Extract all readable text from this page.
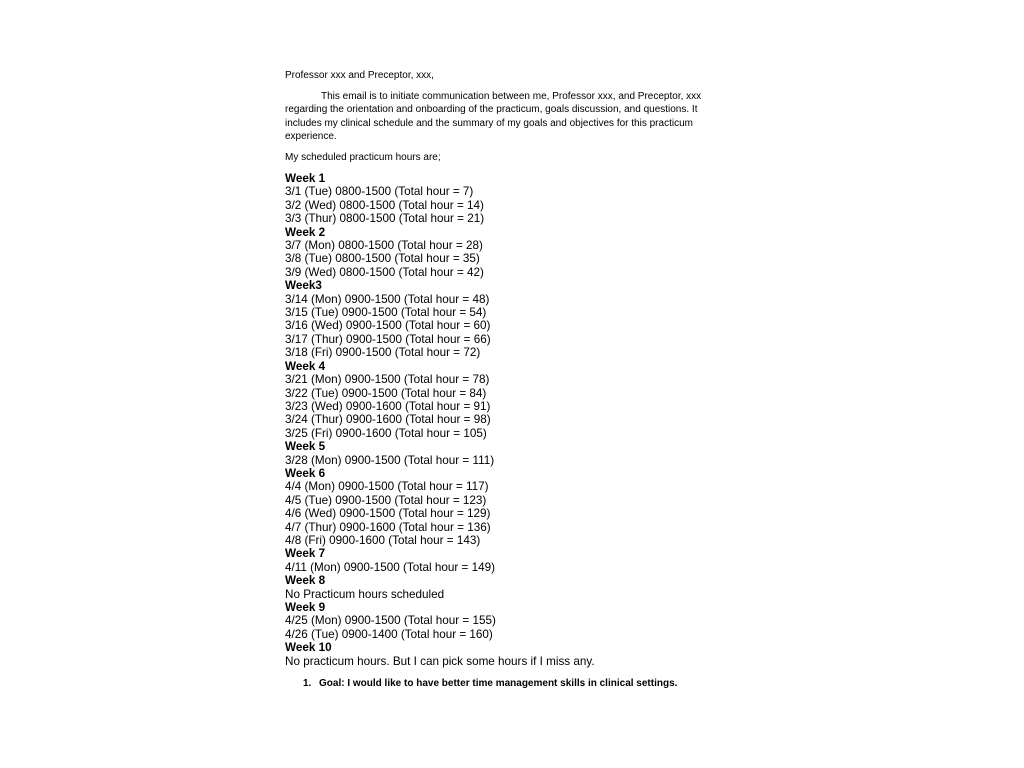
Professor xxx and Preceptor, xxx,

This email is to initiate communication between me, Professor xxx, and Preceptor, xxx regarding the orientation and onboarding of the practicum, goals discussion, and questions. It includes my clinical schedule and the summary of my goals and objectives for this practicum experience.

My scheduled practicum hours are;

Week 1

3/1 (Tue) 0800-1500 (Total hour = 7)

3/2 (Wed) 0800-1500 (Total hour = 14)

3/3 (Thur) 0800-1500 (Total hour = 21)

Week 2

3/7 (Mon) 0800-1500 (Total hour = 28)

3/8 (Tue) 0800-1500 (Total hour = 35)

3/9 (Wed) 0800-1500 (Total hour = 42)

Week3

3/14 (Mon) 0900-1500 (Total hour = 48)

3/15 (Tue) 0900-1500 (Total hour = 54)

3/16 (Wed) 0900-1500 (Total hour = 60)

3/17 (Thur) 0900-1500 (Total hour = 66)

3/18 (Fri) 0900-1500 (Total hour = 72)

Week 4

3/21 (Mon) 0900-1500 (Total hour = 78)

3/22 (Tue) 0900-1500 (Total hour = 84)

3/23 (Wed) 0900-1600 (Total hour = 91)

3/24 (Thur) 0900-1600 (Total hour = 98)

3/25 (Fri) 0900-1600 (Total hour = 105)

Week 5

3/28 (Mon) 0900-1500 (Total hour = 111)

Week 6

4/4 (Mon) 0900-1500 (Total hour = 117)

4/5 (Tue) 0900-1500 (Total hour = 123)

4/6 (Wed) 0900-1500 (Total hour = 129)

4/7 (Thur) 0900-1600 (Total hour = 136)

4/8 (Fri) 0900-1600 (Total hour = 143)

Week 7

4/11 (Mon) 0900-1500 (Total hour = 149)

Week 8

No Practicum hours scheduled

Week 9

4/25 (Mon) 0900-1500 (Total hour = 155)

4/26 (Tue) 0900-1400 (Total hour = 160)

Week 10

No practicum hours. But I can pick some hours if I miss any.

1. Goal: I would like to have better time management skills in clinical settings.
